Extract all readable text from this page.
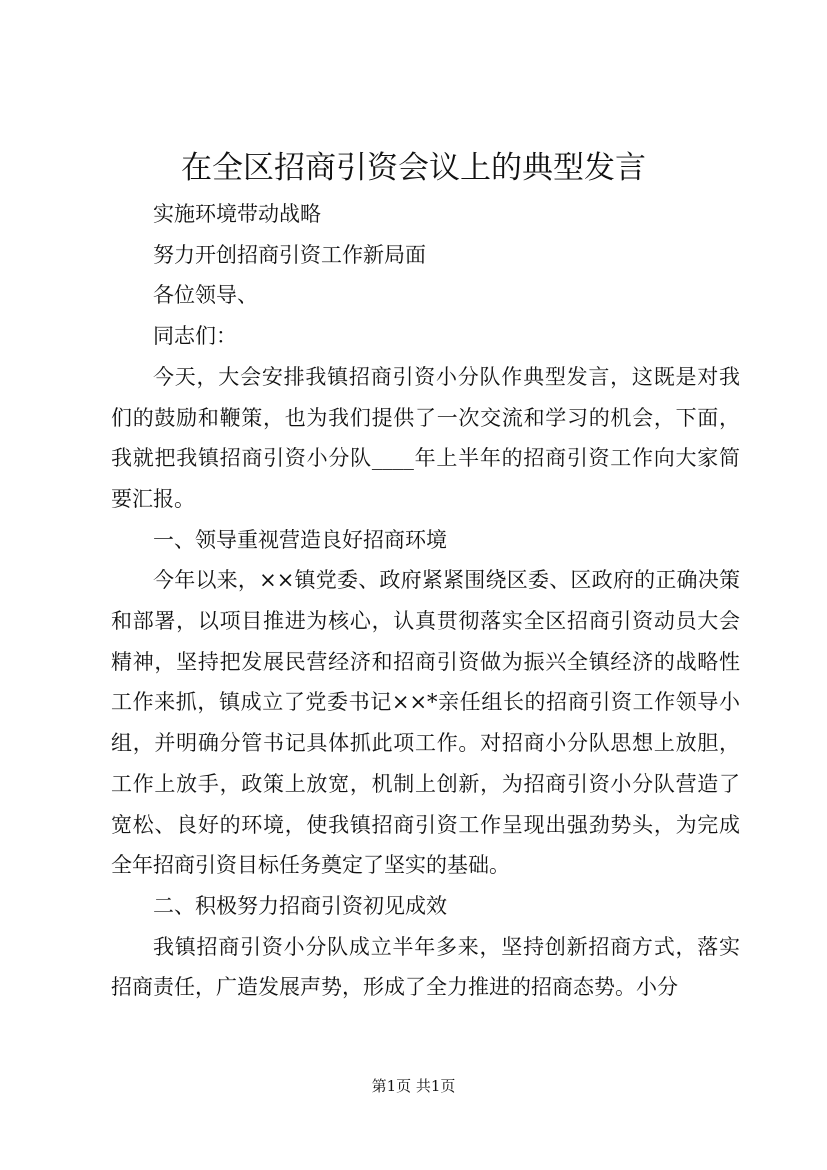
在全区招商引资会议上的典型发言

实施环境带动战略

努力开创招商引资工作新局面

各位领导、

同志们：

今天，大会安排我镇招商引资小分队作典型发言，这既是对我们的鼓励和鞭策，也为我们提供了一次交流和学习的机会，下面，我就把我镇招商引资小分队____年上半年的招商引资工作向大家简要汇报。

一、领导重视营造良好招商环境

今年以来，××镇党委、政府紧紧围绕区委、区政府的正确决策和部署，以项目推进为核心，认真贯彻落实全区招商引资动员大会精神，坚持把发展民营经济和招商引资做为振兴全镇经济的战略性工作来抓，镇成立了党委书记××*亲任组长的招商引资工作领导小组，并明确分管书记具体抓此项工作。对招商小分队思想上放胆，工作上放手，政策上放宽，机制上创新，为招商引资小分队营造了宽松、良好的环境，使我镇招商引资工作呈现出强劲势头，为完成全年招商引资目标任务奠定了坚实的基础。

二、积极努力招商引资初见成效

我镇招商引资小分队成立半年多来，坚持创新招商方式，落实招商责任，广造发展声势，形成了全力推进的招商态势。小分

第1页 共1页
